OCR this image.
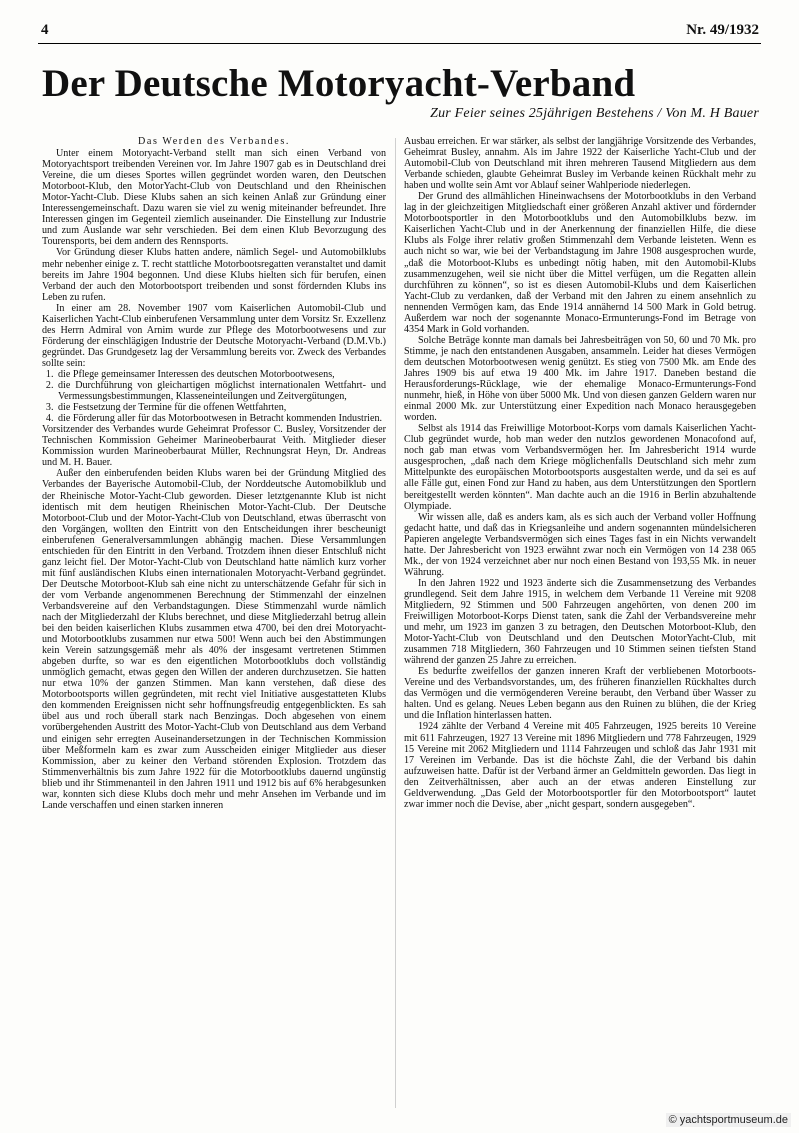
4	Nr. 49/1932
Der Deutsche Motoryacht-Verband
Zur Feier seines 25jährigen Bestehens / Von M. H Bauer
Das Werden des Verbandes.

Unter einem Motoryacht-Verband stellt man sich einen Verband von Motoryachtsport treibenden Vereinen vor. Im Jahre 1907 gab es in Deutschland drei Vereine, die um dieses Sportes willen gegründet worden waren, den Deutschen Motorboot-Klub, den MotorYacht-Club von Deutschland und den Rheinischen Motor-Yacht-Club. Diese Klubs sahen an sich keinen Anlaß zur Gründung einer Interessengemeinschaft. Dazu waren sie viel zu wenig miteinander befreundet. Ihre Interessen gingen im Gegenteil ziemlich auseinander. Die Einstellung zur Industrie und zum Auslande war sehr verschieden. Bei dem einen Klub Bevorzugung des Tourensports, bei dem andern des Rennsports.

Vor Gründung dieser Klubs hatten andere, nämlich Segel- und Automobilklubs mehr nebenher einige z. T. recht stattliche Motorbootsregatten veranstaltet und damit bereits im Jahre 1904 begonnen. Und diese Klubs hielten sich für berufen, einen Verband der auch den Motorbootsport treibenden und sonst fördernden Klubs ins Leben zu rufen.

In einer am 28. November 1907 vom Kaiserlichen Automobil-Club und Kaiserlichen Yacht-Club einberufenen Versammlung unter dem Vorsitz Sr. Exzellenz des Herrn Admiral von Arnim wurde zur Pflege des Motorbootwesens und zur Förderung der einschlägigen Industrie der Deutsche Motoryacht-Verband (D.M.Vb.) gegründet. Das Grundgesetz lag der Versammlung bereits vor. Zweck des Verbandes sollte sein:

1. die Pflege gemeinsamer Interessen des deutschen Motorbootwesens,
2. die Durchführung von gleichartigen möglichst internationalen Wettfahrt- und Vermessungsbestimmungen, Klasseneinteilungen und Zeitvergütungen,
3. die Festsetzung der Termine für die offenen Wettfahrten,
4. die Förderung aller für das Motorbootwesen in Betracht kommenden Industrien.

Vorsitzender des Verbandes wurde Geheimrat Professor C. Busley, Vorsitzender der Technischen Kommission Geheimer Marineoberbaurat Veith. Mitglieder dieser Kommission wurden Marineoberbaurat Müller, Rechnungsrat Heyn, Dr. Andreas und M. H. Bauer.

Außer den einberufenden beiden Klubs waren bei der Gründung Mitglied des Verbandes der Bayerische Automobil-Club, der Norddeutsche Automobilklub und der Rheinische Motor-Yacht-Club geworden. Dieser letztgenannte Klub ist nicht identisch mit dem heutigen Rheinischen Motor-Yacht-Club. Der Deutsche Motorboot-Club und der Motor-Yacht-Club von Deutschland, etwas überrascht von den Vorgängen, wollten den Eintritt von den Entscheidungen ihrer bescheunigt einberufenen Generalversammlungen abhängig machen. Diese Versammlungen entschieden für den Eintritt in den Verband. Trotzdem ihnen dieser Entschluß nicht ganz leicht fiel. Der Motor-Yacht-Club von Deutschland hatte nämlich kurz vorher mit fünf ausländischen Klubs einen internationalen Motoryacht-Verband gegründet. Der Deutsche Motorboot-Klub sah eine nicht zu unterschätzende Gefahr für sich in der vom Verbande angenommenen Berechnung der Stimmenzahl der einzelnen Verbandsvereine auf den Verbandstagungen. Diese Stimmenzahl wurde nämlich nach der Mitgliederzahl der Klubs berechnet, und diese Mitgliederzahl betrug allein bei den beiden kaiserlichen Klubs zusammen etwa 4700, bei den drei Motoryacht- und Motorbootklubs zusammen nur etwa 500! Wenn auch bei den Abstimmungen kein Verein satzungsgemäß mehr als 40% der insgesamt vertretenen Stimmen abgeben durfte, so war es den eigentlichen Motorbootklubs doch vollständig unmöglich gemacht, etwas gegen den Willen der anderen durchzusetzen. Sie hatten nur etwa 10% der ganzen Stimmen. Man kann verstehen, daß diese des Motorbootsports willen gegründeten, mit recht viel Initiative ausgestatteten Klubs den kommenden Ereignissen nicht sehr hoffnungsfreudig entgegenblickten. Es sah übel aus und roch überall stark nach Benzingas. Doch abgesehen von einem vorübergehenden Austritt des Motor-Yacht-Club von Deutschland aus dem Verband und einigen sehr erregten Auseinandersetzungen in der Technischen Kommission über Meßformeln kam es zwar zum Ausscheiden einiger Mitglieder aus dieser Kommission, aber zu keiner den Verband störenden Explosion. Trotzdem das Stimmenverhältnis bis zum Jahre 1922 für die Motorbootklubs dauernd ungünstig blieb und ihr Stimmenanteil in den Jahren 1911 und 1912 bis auf 6% herabgesunken war, konnten sich diese Klubs doch mehr und mehr Ansehen im Verbande und im Lande verschaffen und einen starken inneren

Ausbau erreichen. Er war stärker, als selbst der langjährige Vorsitzende des Verbandes, Geheimrat Busley, annahm. Als im Jahre 1922 der Kaiserliche Yacht-Club und der Automobil-Club von Deutschland mit ihren mehreren Tausend Mitgliedern aus dem Verbande schieden, glaubte Geheimrat Busley im Verbande keinen Rückhalt mehr zu haben und wollte sein Amt vor Ablauf seiner Wahlperiode niederlegen.

Der Grund des allmählichen Hineinwachsens der Motorbootklubs in den Verband lag in der gleichzeitigen Mitgliedschaft einer größeren Anzahl aktiver und fördernder Motorbootsportler in den Motorbootklubs und den Automobilklubs bezw. im Kaiserlichen Yacht-Club und in der Anerkennung der finanziellen Hilfe, die diese Klubs als Folge ihrer relativ großen Stimmenzahl dem Verbande leisteten. Wenn es auch nicht so war, wie bei der Verbandstagung im Jahre 1908 ausgesprochen wurde, „daß die Motorboot-Klubs es unbedingt nötig haben, mit den Automobil-Klubs zusammenzugehen, weil sie nicht über die Mittel verfügen, um die Regatten allein durchführen zu können“, so ist es diesen Automobil-Klubs und dem Kaiserlichen Yacht-Club zu verdanken, daß der Verband mit den Jahren zu einem ansehnlich zu nennenden Vermögen kam, das Ende 1914 annähernd 14 500 Mark in Gold betrug. Außerdem war noch der sogenannte Monaco-Ermunterungs-Fond im Betrage von 4354 Mark in Gold vorhanden.

Solche Beträge konnte man damals bei Jahresbeiträgen von 50, 60 und 70 Mk. pro Stimme, je nach den entstandenen Ausgaben, ansammeln. Leider hat dieses Vermögen dem deutschen Motorbootwesen wenig genützt. Es stieg von 7500 Mk. am Ende des Jahres 1909 bis auf etwa 19 400 Mk. im Jahre 1917. Daneben bestand die Herausforderungs-Rücklage, wie der ehemalige Monaco-Ermunterungs-Fond nunmehr, hieß, in Höhe von über 5000 Mk. Und von diesen ganzen Geldern waren nur einmal 2000 Mk. zur Unterstützung einer Expedition nach Monaco herausgegeben worden.

Selbst als 1914 das Freiwillige Motorboot-Korps vom damals Kaiserlichen Yacht-Club gegründet wurde, hob man weder den nutzlos gewordenen Monacofond auf, noch gab man etwas vom Verbandsvermögen her. Im Jahresbericht 1914 wurde ausgesprochen, „daß nach dem Kriege möglichenfalls Deutschland sich mehr zum Mittelpunkte des europäischen Motorbootsports ausgestalten werde, und da sei es auf alle Fälle gut, einen Fond zur Hand zu haben, aus dem Unterstützungen den Sportlern bereitgestellt werden könnten“. Man dachte auch an die 1916 in Berlin abzuhaltende Olympiade.

Wir wissen alle, daß es anders kam, als es sich auch der Verband voller Hoffnung gedacht hatte, und daß das in Kriegsanleihe und andern sogenannten mündelsicheren Papieren angelegte Verbandsvermögen sich eines Tages fast in ein Nichts verwandelt hatte. Der Jahresbericht von 1923 erwähnt zwar noch ein Vermögen von 14 238 065 Mk., der von 1924 verzeichnet aber nur noch einen Bestand von 193,55 Mk. in neuer Währung.

In den Jahren 1922 und 1923 änderte sich die Zusammensetzung des Verbandes grundlegend. Seit dem Jahre 1915, in welchem dem Verbande 11 Vereine mit 9208 Mitgliedern, 92 Stimmen und 500 Fahrzeugen angehörten, von denen 200 im Freiwilligen Motorboot-Korps Dienst taten, sank die Zahl der Verbandsvereine mehr und mehr, um 1923 im ganzen 3 zu betragen, den Deutschen Motorboot-Klub, den Motor-Yacht-Club von Deutschland und den Deutschen MotorYacht-Club, mit zusammen 718 Mitgliedern, 360 Fahrzeugen und 10 Stimmen seinen tiefsten Stand während der ganzen 25 Jahre zu erreichen.

Es bedurfte zweifellos der ganzen inneren Kraft der verbliebenen Motorboots-Vereine und des Verbandsvorstandes, um, des früheren finanziellen Rückhaltes durch das Vermögen und die vermögenderen Vereine beraubt, den Verband über Wasser zu halten. Und es gelang. Neues Leben begann aus den Ruinen zu blühen, die der Krieg und die Inflation hinterlassen hatten.

1924 zählte der Verband 4 Vereine mit 405 Fahrzeugen, 1925 bereits 10 Vereine mit 611 Fahrzeugen, 1927 13 Vereine mit 1896 Mitgliedern und 778 Fahrzeugen, 1929 15 Vereine mit 2062 Mitgliedern und 1114 Fahrzeugen und schloß das Jahr 1931 mit 17 Vereinen im Verbande. Das ist die höchste Zahl, die der Verband bis dahin aufzuweisen hatte. Dafür ist der Verband ärmer an Geldmitteln geworden. Das liegt in den Zeitverhältnissen, aber auch an der etwas anderen Einstellung zur Geldverwendung. „Das Geld der Motorbootsportler für den Motorbootsport“ lautet zwar immer noch die Devise, aber „nicht gespart, sondern ausgegeben“.

© yachtsportmuseum.de
